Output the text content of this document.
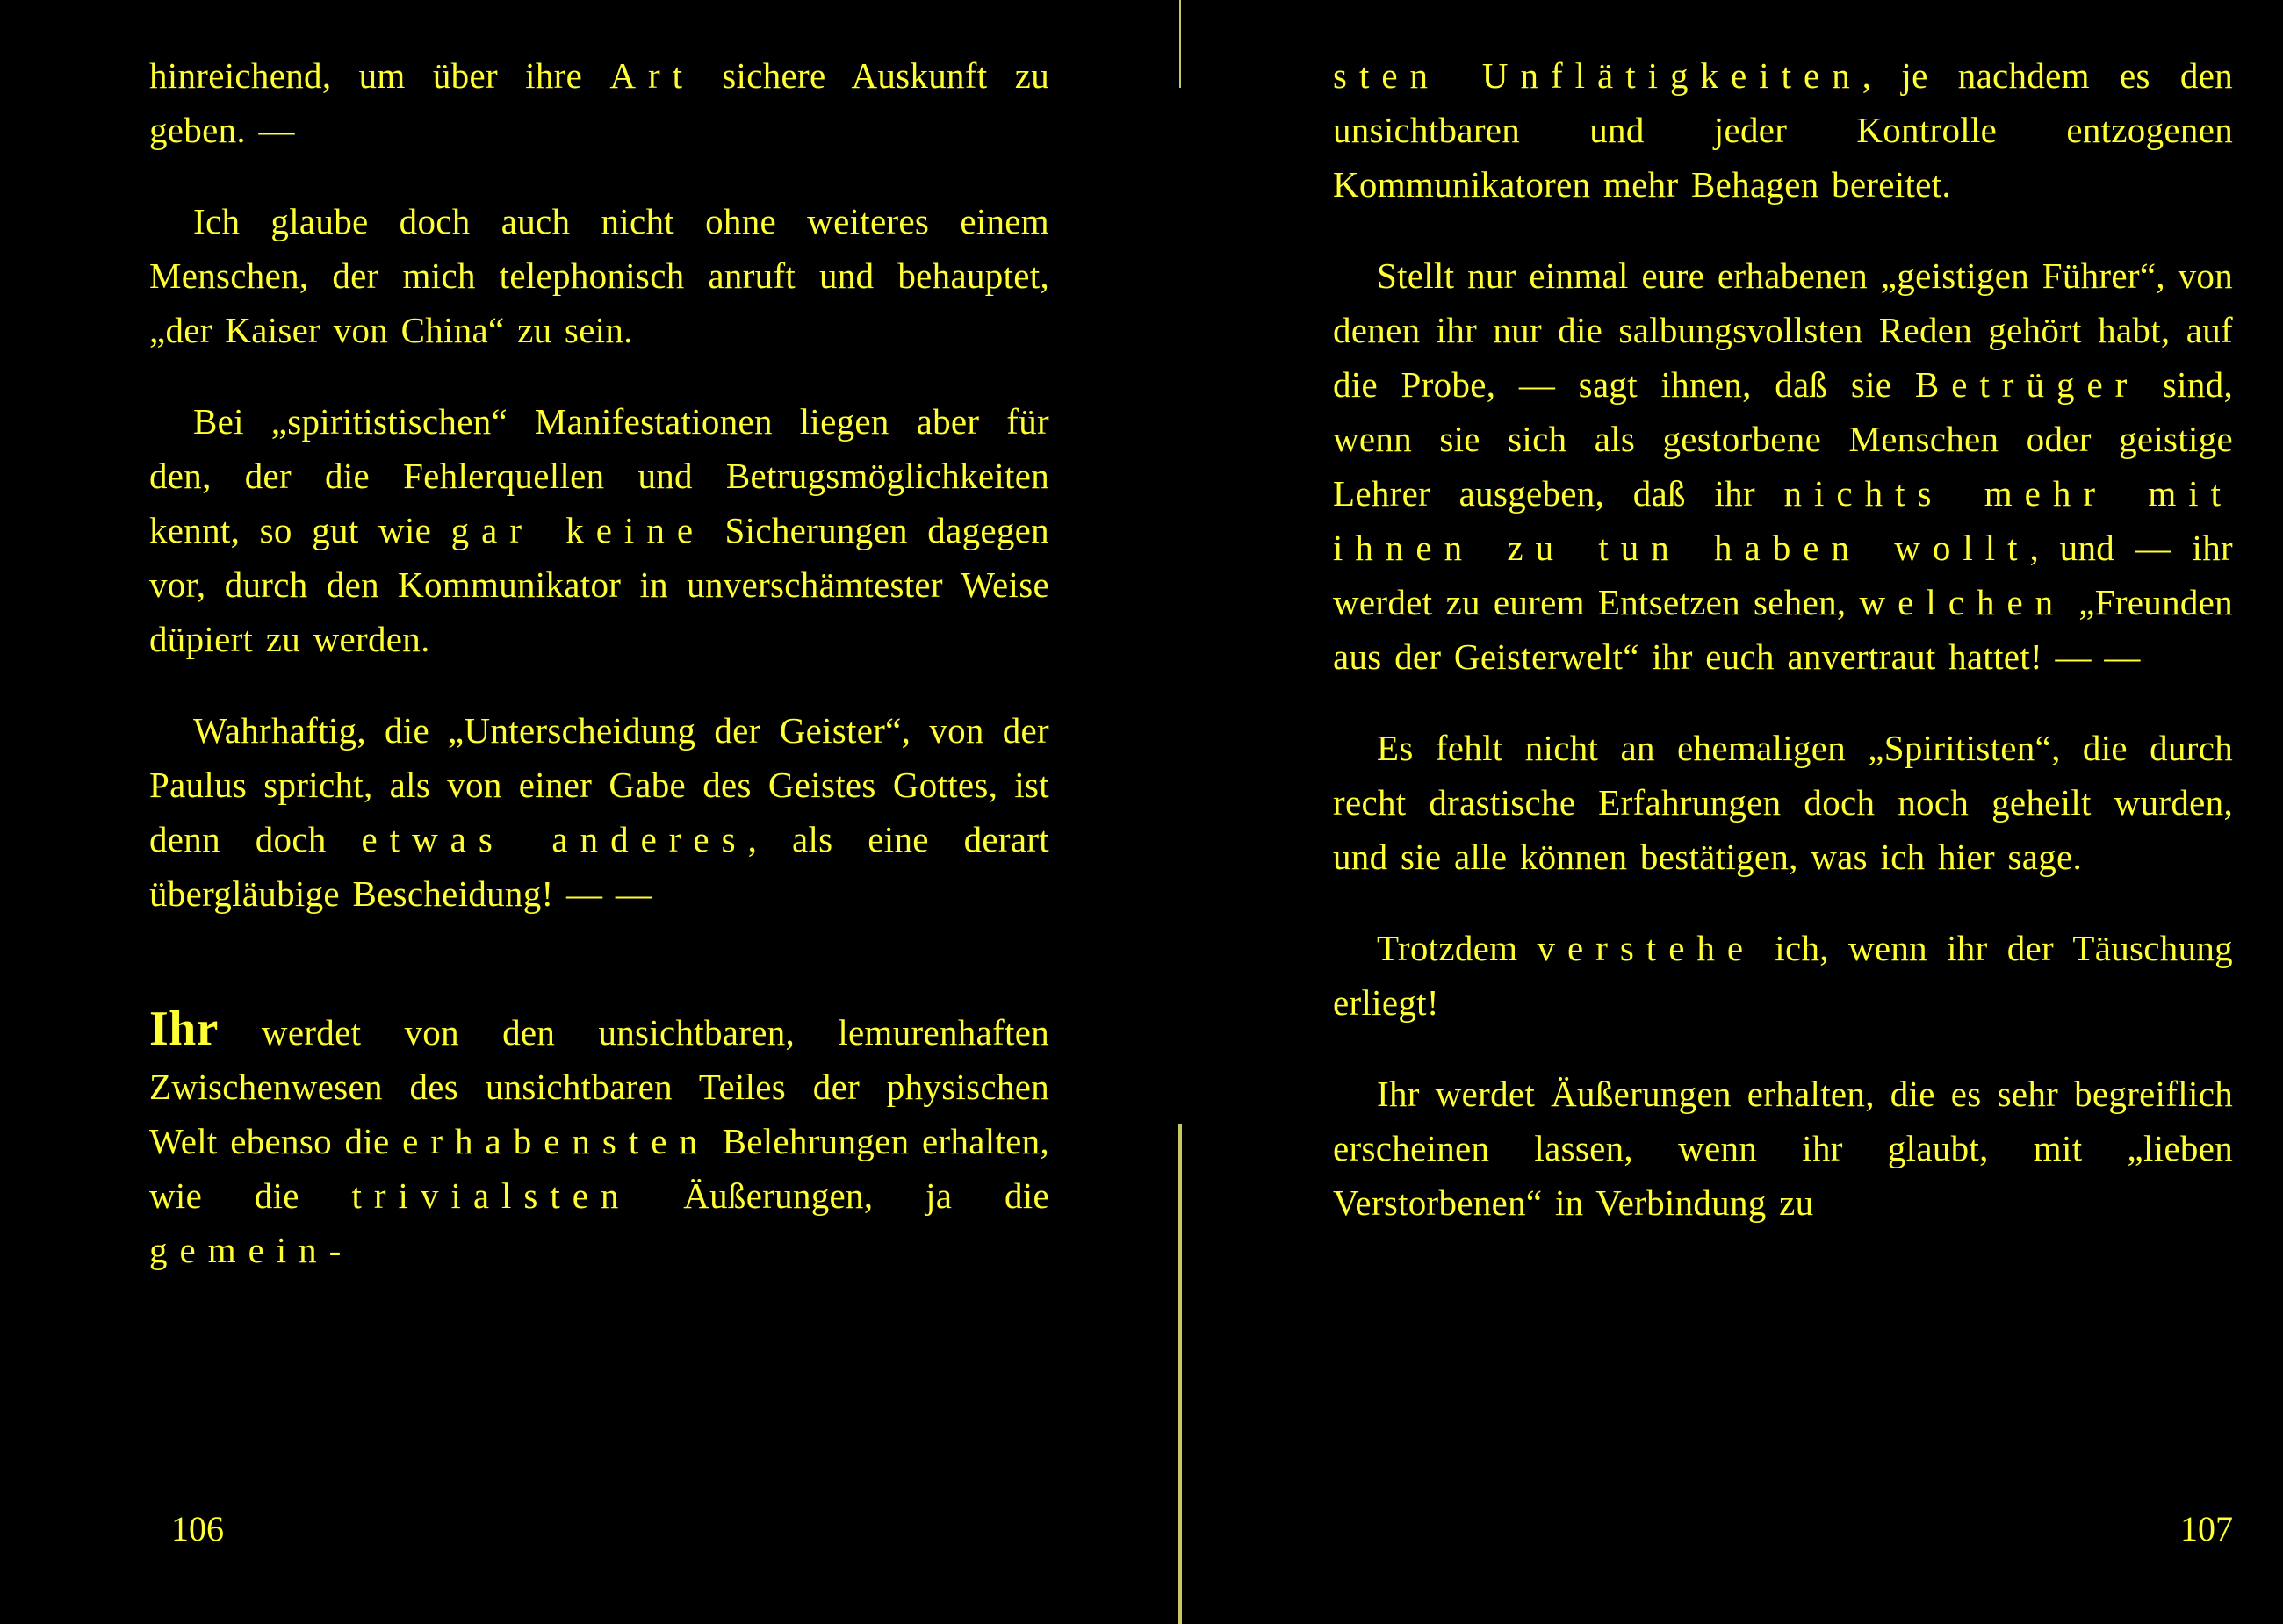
hinreichend, um über ihre Art sichere Auskunft zu geben. —

Ich glaube doch auch nicht ohne weiteres einem Menschen, der mich telephonisch anruft und behauptet, „der Kaiser von China“ zu sein.

Bei „spiritistischen“ Manifestationen liegen aber für den, der die Fehlerquellen und Betrugsmöglichkeiten kennt, so gut wie gar keine Sicherungen dagegen vor, durch den Kommunikator in unverschämtester Weise düpiert zu werden.

Wahrhaftig, die „Unterscheidung der Geister“, von der Paulus spricht, als von einer Gabe des Geistes Gottes, ist denn doch etwas anderes, als eine derart übergläubige Bescheidung! — —

Ihr werdet von den unsichtbaren, lemurenhaften Zwischenwesen des unsichtbaren Teiles der physischen Welt ebenso die erhabensten Belehrungen erhalten, wie die trivialsten Äußerungen, ja die gemein-

106

sten Unflätigkeiten, je nachdem es den unsichtbaren und jeder Kontrolle entzogenen Kommunikatoren mehr Behagen bereitet.

Stellt nur einmal eure erhabenen „geistigen Führer“, von denen ihr nur die salbungsvollsten Reden gehört habt, auf die Probe, — sagt ihnen, daß sie Betrüger sind, wenn sie sich als gestorbene Menschen oder geistige Lehrer ausgeben, daß ihr nichts mehr mit ihnen zu tun haben wollt, und — ihr werdet zu eurem Entsetzen sehen, welchen „Freunden aus der Geisterwelt“ ihr euch anvertraut hattet! — —

Es fehlt nicht an ehemaligen „Spiritisten“, die durch recht drastische Erfahrungen doch noch geheilt wurden, und sie alle können bestätigen, was ich hier sage.

Trotzdem verstehe ich, wenn ihr der Täuschung erliegt!

Ihr werdet Äußerungen erhalten, die es sehr begreiflich erscheinen lassen, wenn ihr glaubt, mit „lieben Verstorbenen“ in Verbindung zu

107
